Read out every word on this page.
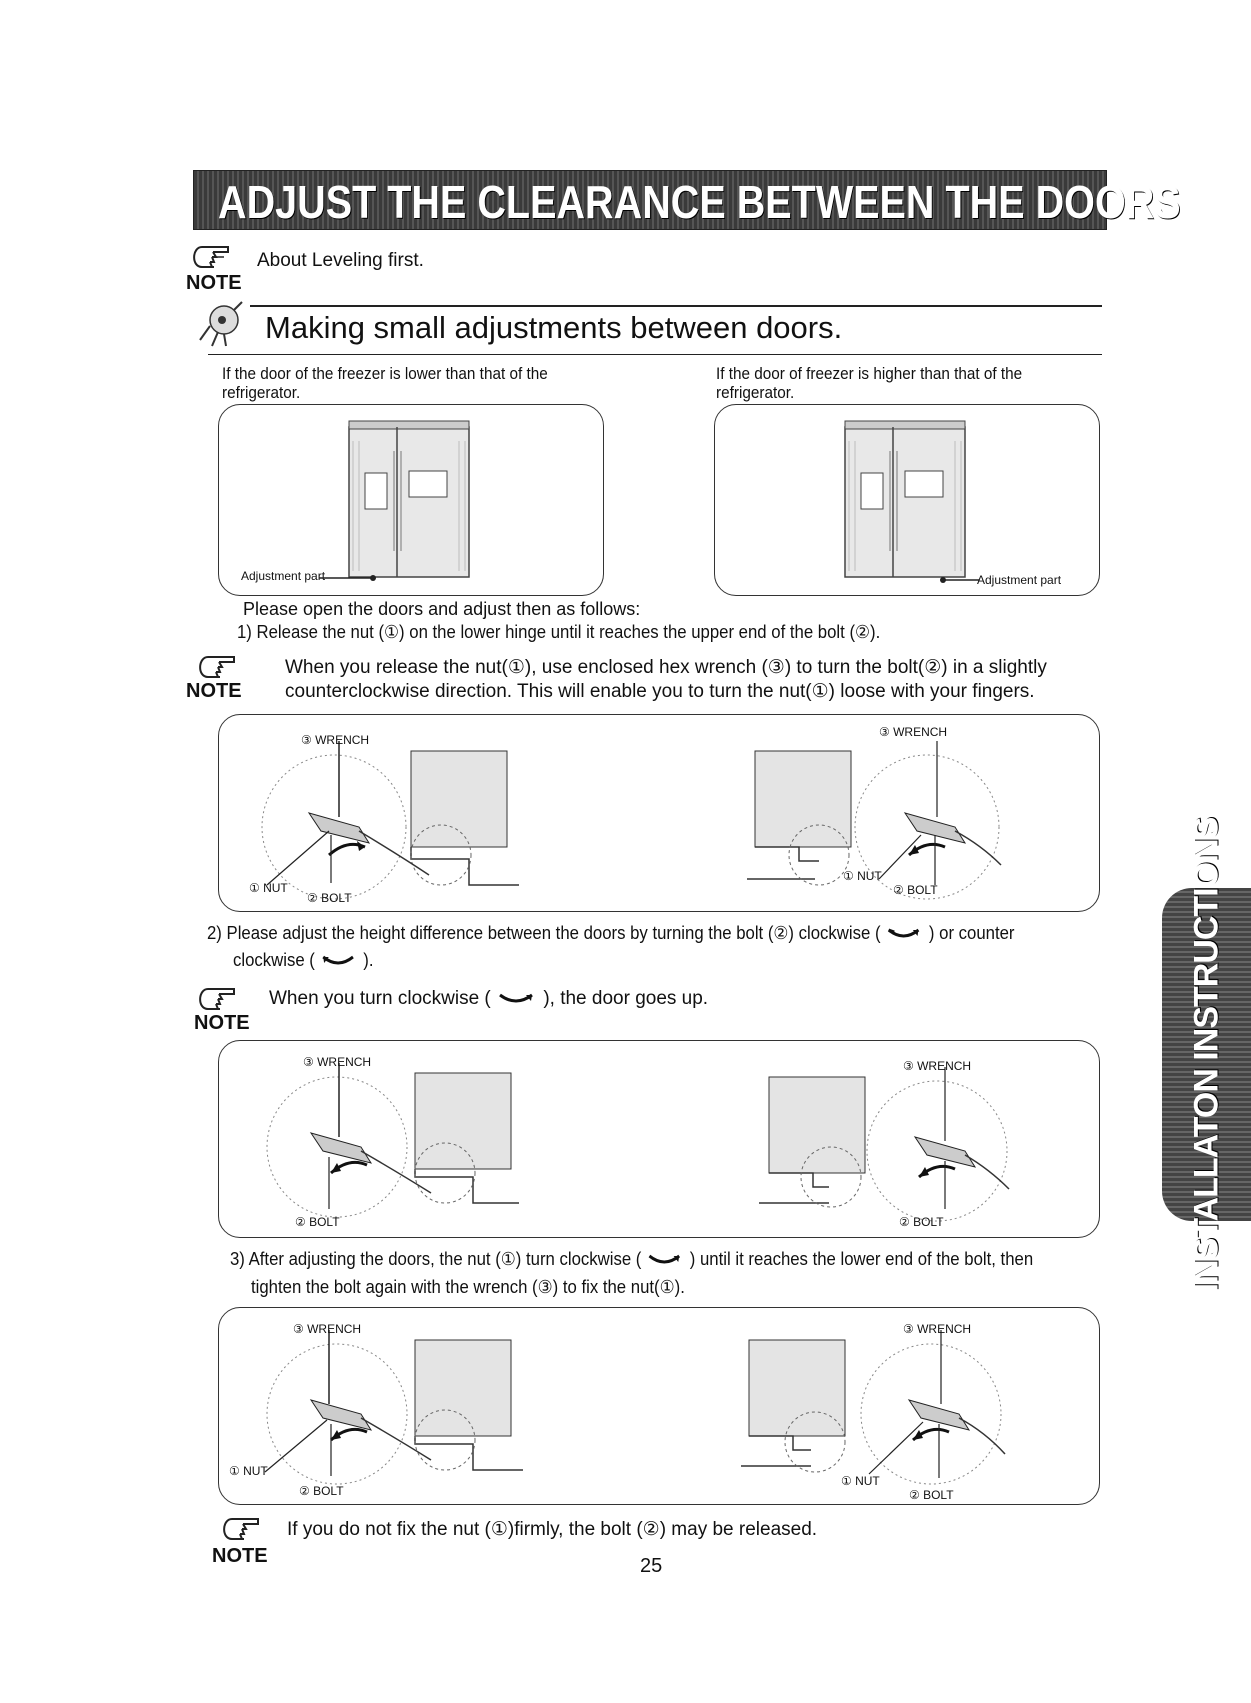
ADJUST THE CLEARANCE BETWEEN THE DOORS
NOTE
About Leveling first.
Making small adjustments between doors.
If the door of the freezer is lower than that of the
refrigerator.
If the door of freezer is higher than that of the
refrigerator.
Adjustment part	Adjustment part
Please open the doors and adjust then as follows:
1) Release the nut (①) on the lower hinge until it reaches the upper end of the bolt (②).
NOTE
When you release the nut(①), use enclosed hex wrench (③) to turn the bolt(②) in a slightly
counterclockwise direction. This will enable you to turn the nut(①) loose with your fingers.
③ WRENCH
① NUT
② BOLT
③ WRENCH
① NUT
② BOLT
2) Please adjust the height difference between the doors by turning the bolt (②) clockwise (	) or counter
clockwise (	).
NOTE
When you turn clockwise (	), the door goes up.
③ WRENCH
② BOLT
③ WRENCH
② BOLT
3) After adjusting the doors, the nut (①) turn clockwise (	) until it reaches the lower end of the bolt, then
tighten the bolt again with the wrench (③) to fix the nut(①).
③ WRENCH
① NUT
② BOLT
③ WRENCH
① NUT
② BOLT
NOTE
If you do not fix the nut (①)firmly, the bolt (②) may be released.
25
INSTALLATON INSTRUCTIONS
